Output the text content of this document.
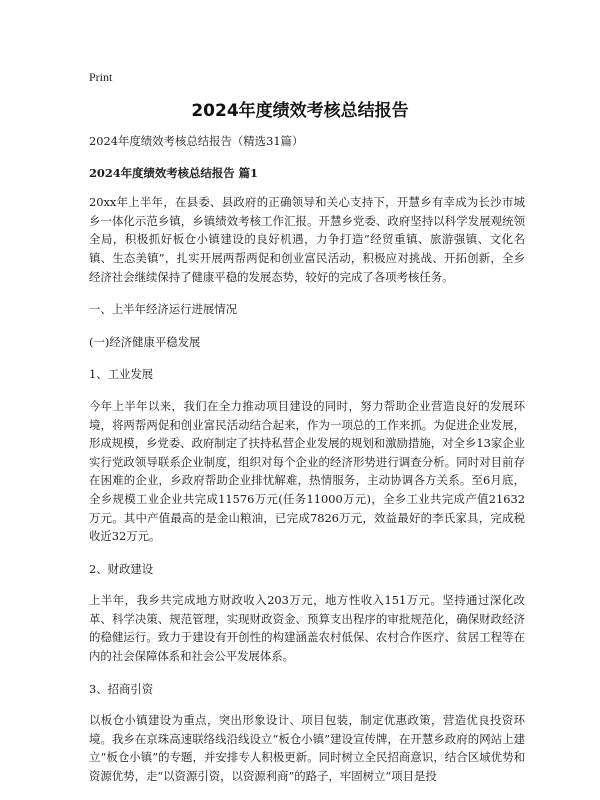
Print
2024年度绩效考核总结报告

2024年度绩效考核总结报告（精选31篇）

2024年度绩效考核总结报告 篇1

20xx年上半年，在县委、县政府的正确领导和关心支持下，开慧乡有幸成为长沙市城乡一体化示范乡镇，乡镇绩效考核工作汇报。开慧乡党委、政府坚持以科学发展观统领全局，积极抓好板仓小镇建设的良好机遇，力争打造“经贸重镇、旅游强镇、文化名镇、生态美镇”，扎实开展两帮两促和创业富民活动，积极应对挑战、开拓创新，全乡经济社会继续保持了健康平稳的发展态势，较好的完成了各项考核任务。

一、上半年经济运行进展情况

(一)经济健康平稳发展

1、工业发展

今年上半年以来，我们在全力推动项目建设的同时，努力帮助企业营造良好的发展环境，将两帮两促和创业富民活动结合起来，作为一项总的工作来抓。为促进企业发展，形成规模，乡党委、政府制定了扶持私营企业发展的规划和激励措施，对全乡13家企业实行党政领导联系企业制度，组织对每个企业的经济形势进行调查分析。同时对目前存在困难的企业，乡政府帮助企业排忧解难，热情服务，主动协调各方关系。至6月底，全乡规模工业企业共完成11576万元(任务11000万元)，全乡工业共完成产值21632万元。其中产值最高的是金山粮油，已完成7826万元，效益最好的李氏家具，完成税收近32万元。

2、财政建设

上半年，我乡共完成地方财政收入203万元，地方性收入151万元。坚持通过深化改革、科学决策、规范管理，实现财政资金、预算支出程序的审批规范化，确保财政经济的稳健运行。致力于建设有开创性的构建涵盖农村低保、农村合作医疗、贫居工程等在内的社会保障体系和社会公平发展体系。

3、招商引资

以板仓小镇建设为重点，突出形象设计、项目包装，制定优惠政策，营造优良投资环境。我乡在京珠高速联络线沿线设立“板仓小镇”建设宣传牌，在开慧乡政府的网站上建立“板仓小镇”的专题，并安排专人积极更新。同时树立全民招商意识，结合区域优势和资源优势，走“以资源引资，以资源利商”的路子，牢固树立“项目是投
